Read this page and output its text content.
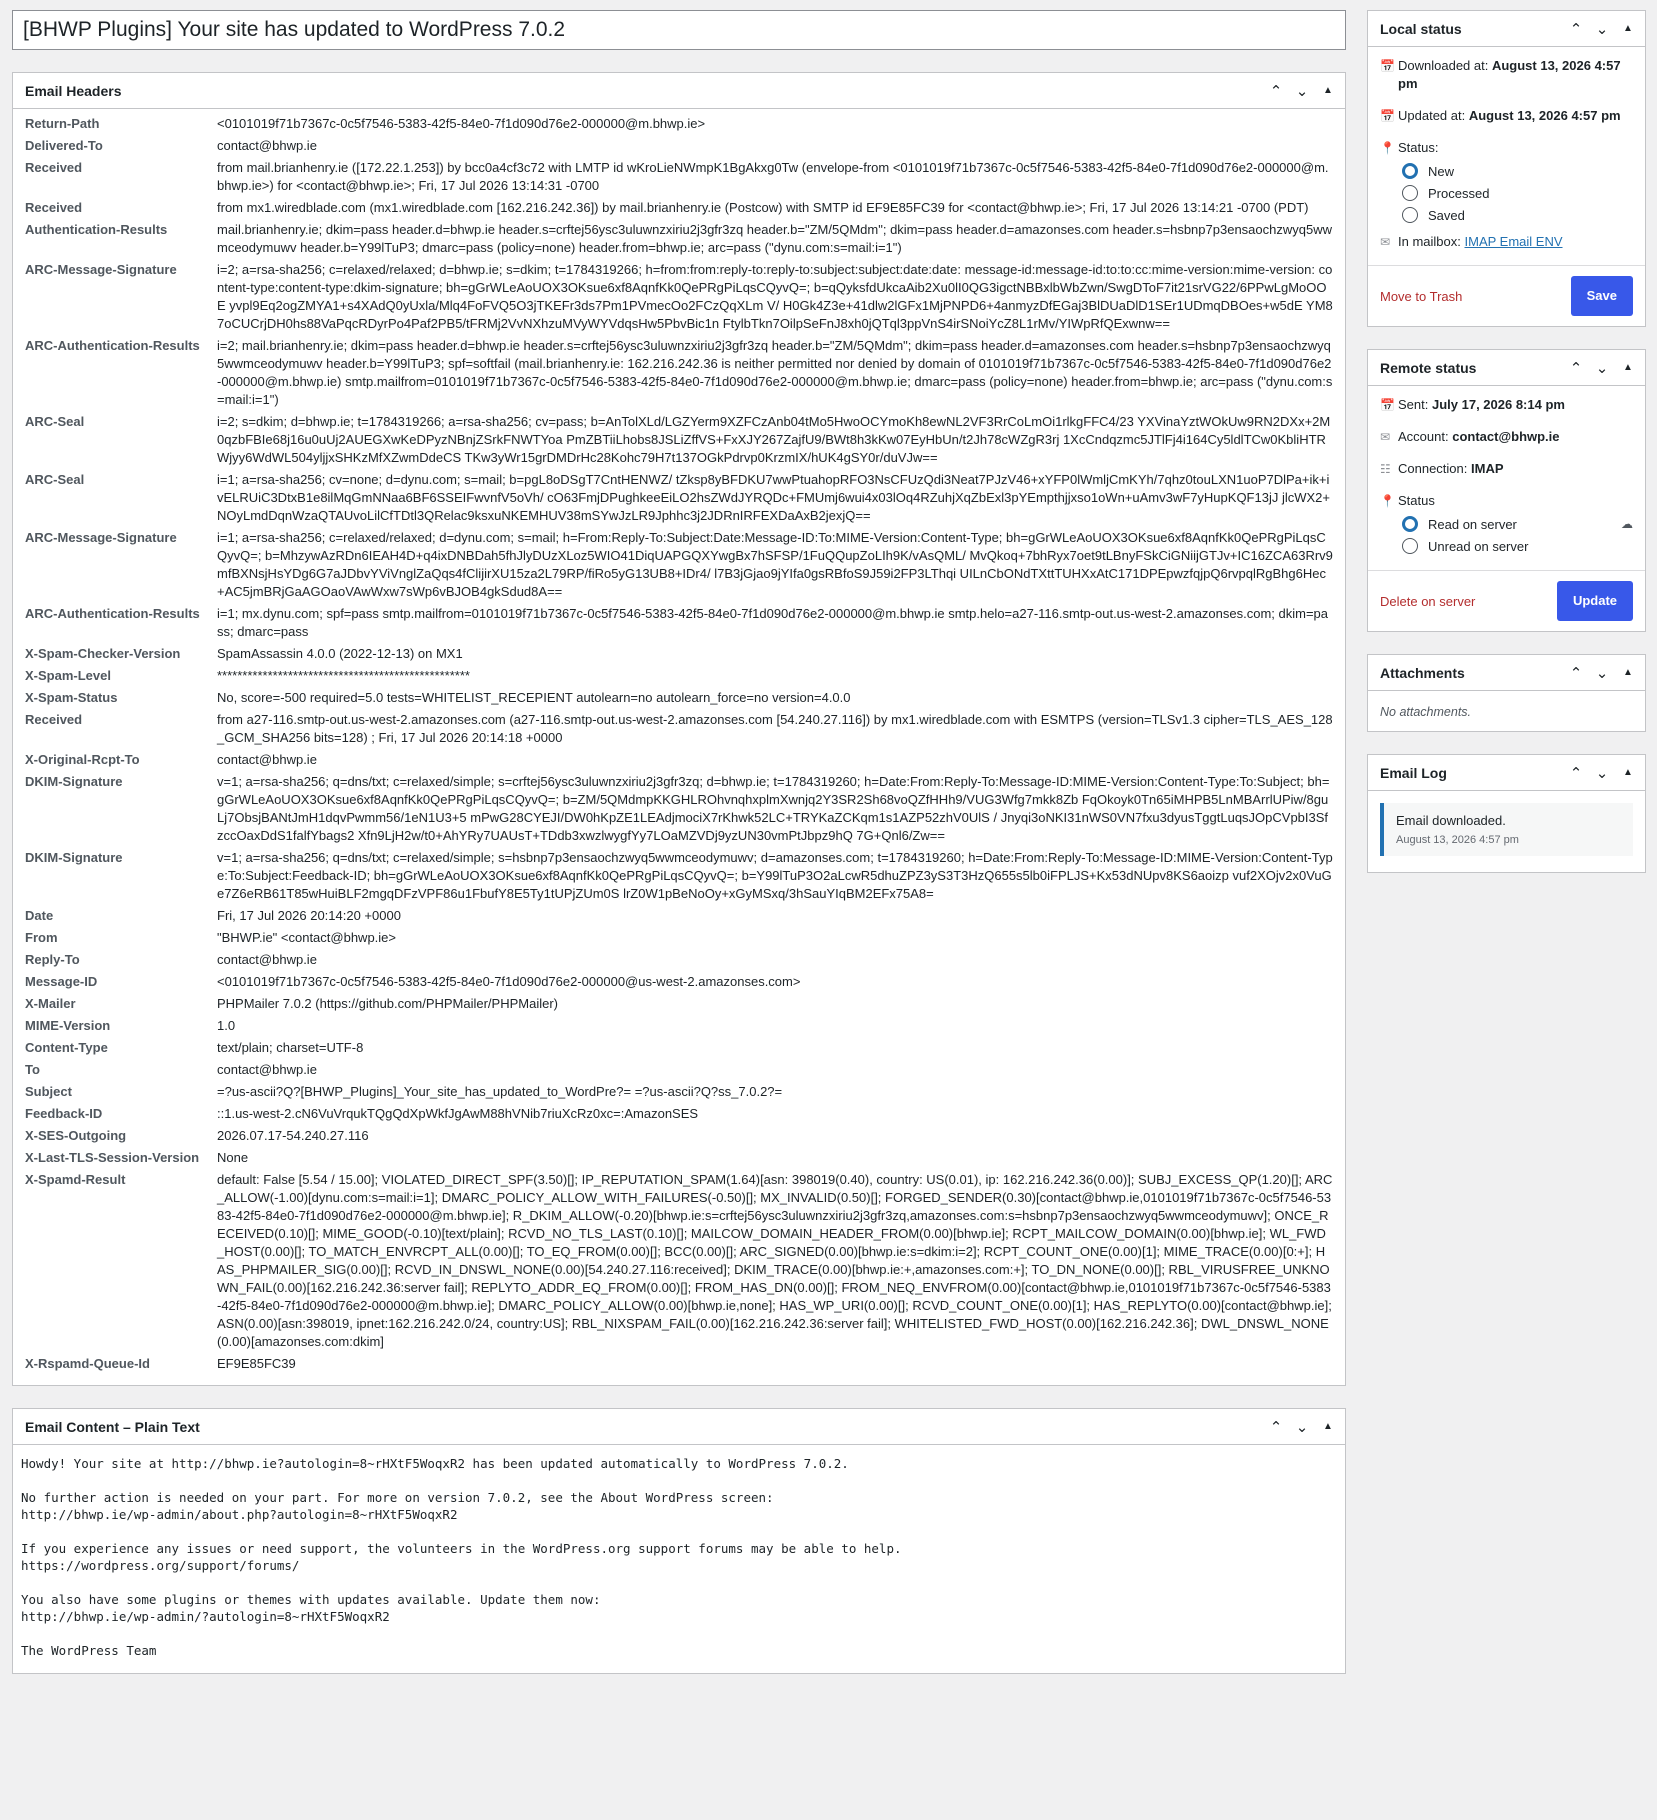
[BHWP Plugins] Your site has updated to WordPress 7.0.2
Email Headers	⌃ ⌄	▲
Return-Path	<0101019f71b7367c-0c5f7546-5383-42f5-84e0-7f1d090d76e2-000000@m.bhwp.ie>
Delivered-To	contact@bhwp.ie
Received	from mail.brianhenry.ie ([172.22.1.253]) by bcc0a4cf3c72 with LMTP id wKroLieNWmpK1BgAkxg0Tw (envelope-from <0101019f71b7367c-0c5f7546-5383-42f5-84e0-7f1d090d76e2-000000@m.bhwp.ie>) for <contact@bhwp.ie>; Fri, 17 Jul 2026 13:14:31 -0700
Received	from mx1.wiredblade.com (mx1.wiredblade.com [162.216.242.36]) by mail.brianhenry.ie (Postcow) with SMTP id EF9E85FC39 for <contact@bhwp.ie>; Fri, 17 Jul 2026 13:14:21 -0700 (PDT)
Authentication-Results	mail.brianhenry.ie; dkim=pass header.d=bhwp.ie header.s=crftej56ysc3uluwnzxiriu2j3gfr3zq header.b="ZM/5QMdm"; dkim=pass header.d=amazonses.com header.s=hsbnp7p3ensaochzwyq5wwmceodymuwv header.b=Y99lTuP3; dmarc=pass (policy=none) header.from=bhwp.ie; arc=pass ("dynu.com:s=mail:i=1")
ARC-Message-Signature	i=2; a=rsa-sha256; c=relaxed/relaxed; d=bhwp.ie; s=dkim; t=1784319266; h=from:from:reply-to:reply-to:subject:subject:date:date: message-id:message-id:to:to:cc:mime-version:mime-version: content-type:content-type:dkim-signature; bh=gGrWLeAoUOX3OKsue6xf8AqnfKk0QePRgPiLqsCQyvQ=; b=qQyksfdUkcaAib2Xu0lI0QG3igctNBBxlbWbZwn/SwgDToF7it21srVG22/6PPwLgMoOOE yvpl9Eq2ogZMYA1+s4XAdQ0yUxla/Mlq4FoFVQ5O3jTKEFr3ds7Pm1PVmecOo2FCzQqXLm V/ H0Gk4Z3e+41dlw2lGFx1MjPNPD6+4anmyzDfEGaj3BlDUaDlD1SEr1UDmqDBOes+w5dE YM87oCUCrjDH0hs88VaPqcRDyrPo4Paf2PB5/tFRMj2VvNXhzuMVyWYVdqsHw5PbvBic1n FtylbTkn7OilpSeFnJ8xh0jQTql3ppVnS4irSNoiYcZ8L1rMv/YIWpRfQExwnw==
ARC-Authentication-Results	i=2; mail.brianhenry.ie; dkim=pass header.d=bhwp.ie header.s=crftej56ysc3uluwnzxiriu2j3gfr3zq header.b="ZM/5QMdm"; dkim=pass header.d=amazonses.com header.s=hsbnp7p3ensaochzwyq5wwmceodymuwv header.b=Y99lTuP3; spf=softfail (mail.brianhenry.ie: 162.216.242.36 is neither permitted nor denied by domain of 0101019f71b7367c-0c5f7546-5383-42f5-84e0-7f1d090d76e2-000000@m.bhwp.ie) smtp.mailfrom=0101019f71b7367c-0c5f7546-5383-42f5-84e0-7f1d090d76e2-000000@m.bhwp.ie; dmarc=pass (policy=none) header.from=bhwp.ie; arc=pass ("dynu.com:s=mail:i=1")
ARC-Seal	i=2; s=dkim; d=bhwp.ie; t=1784319266; a=rsa-sha256; cv=pass; b=AnTolXLd/LGZYerm9XZFCzAnb04tMo5HwoOCYmoKh8ewNL2VF3RrCoLmOi1rlkgFFC4/23 YXVinaYztWOkUw9RN2DXx+2M0qzbFBIe68j16u0uUj2AUEGXwKeDPyzNBnjZSrkFNWTYoa PmZBTiiLhobs8JSLiZffVS+FxXJY267ZajfU9/BWt8h3kKw07EyHbUn/t2Jh78cWZgR3rj 1XcCndqzmc5JTlFj4i164Cy5ldlTCw0KbliHTRWjyy6WdWL504yljjxSHKzMfXZwmDdeCS TKw3yWr15grDMDrHc28Kohc79H7t137OGkPdrvp0KrzmIX/hUK4gSY0r/duVJw==
ARC-Seal	i=1; a=rsa-sha256; cv=none; d=dynu.com; s=mail; b=pgL8oDSgT7CntHENWZ/ tZksp8yBFDKU7wwPtuahopRFO3NsCFUzQdi3Neat7PJzV46+xYFP0lWmljCmKYh/7qhz0touLXN1uoP7DlPa+ik+ivELRUiC3DtxB1e8ilMqGmNNaa6BF6SSEIFwvnfV5oVh/ cO63FmjDPughkeeEiLO2hsZWdJYRQDc+FMUmj6wui4x03lOq4RZuhjXqZbExl3pYEmpthjjxso1oWn+uAmv3wF7yHupKQF13jJ jlcWX2+NOyLmdDqnWzaQTAUvoLilCfTDtl3QRelac9ksxuNKEMHUV38mSYwJzLR9Jphhc3j2JDRnIRFEXDaAxB2jexjQ==
ARC-Message-Signature	i=1; a=rsa-sha256; c=relaxed/relaxed; d=dynu.com; s=mail; h=From:Reply-To:Subject:Date:Message-ID:To:MIME-Version:Content-Type; bh=gGrWLeAoUOX3OKsue6xf8AqnfKk0QePRgPiLqsCQyvQ=; b=MhzywAzRDn6IEAH4D+q4ixDNBDah5fhJlyDUzXLoz5WIO41DiqUAPGQXYwgBx7hSFSP/1FuQQupZoLIh9K/vAsQML/ MvQkoq+7bhRyx7oet9tLBnyFSkCiGNiijGTJv+IC16ZCA63Rrv9mfBXNsjHsYDg6G7aJDbvYViVnglZaQqs4fClijirXU15za2L79RP/fiRo5yG13UB8+IDr4/ l7B3jGjao9jYIfa0gsRBfoS9J59i2FP3LThqi UILnCbONdTXttTUHXxAtC171DPEpwzfqjpQ6rvpqlRgBhg6Hec+AC5jmBRjGaAGOaoVAwWxw7sWp6vBJOB4gkSdud8A==
ARC-Authentication-Results	i=1; mx.dynu.com; spf=pass smtp.mailfrom=0101019f71b7367c-0c5f7546-5383-42f5-84e0-7f1d090d76e2-000000@m.bhwp.ie smtp.helo=a27-116.smtp-out.us-west-2.amazonses.com; dkim=pass; dmarc=pass
X-Spam-Checker-Version	SpamAssassin 4.0.0 (2022-12-13) on MX1
X-Spam-Level	**************************************************
X-Spam-Status	No, score=-500 required=5.0 tests=WHITELIST_RECEPIENT autolearn=no autolearn_force=no version=4.0.0
Received	from a27-116.smtp-out.us-west-2.amazonses.com (a27-116.smtp-out.us-west-2.amazonses.com [54.240.27.116]) by mx1.wiredblade.com with ESMTPS (version=TLSv1.3 cipher=TLS_AES_128_GCM_SHA256 bits=128) ; Fri, 17 Jul 2026 20:14:18 +0000
X-Original-Rcpt-To	contact@bhwp.ie
DKIM-Signature	v=1; a=rsa-sha256; q=dns/txt; c=relaxed/simple; s=crftej56ysc3uluwnzxiriu2j3gfr3zq; d=bhwp.ie; t=1784319260; h=Date:From:Reply-To:Message-ID:MIME-Version:Content-Type:To:Subject; bh=gGrWLeAoUOX3OKsue6xf8AqnfKk0QePRgPiLqsCQyvQ=; b=ZM/5QMdmpKKGHLROhvnqhxplmXwnjq2Y3SR2Sh68voQZfHHh9/VUG3Wfg7mkk8Zb FqOkoyk0Tn65iMHPB5LnMBArrlUPiw/8guLj7ObsjBANtJmH1dqvPwmm56/1eN1U3+5 mPwG28CYEJI/DW0hKpZE1LEAdjmociX7rKhwk52LC+TRYKaZCKqm1s1AZP52zhV0UlS / Jnyqi3oNKI31nWS0VN7fxu3dyusTggtLuqsJOpCVpbI3SfzccOaxDdS1falfYbags2 Xfn9LjH2w/t0+AhYRy7UAUsT+TDdb3xwzlwygfYy7LOaMZVDj9yzUN30vmPtJbpz9hQ 7G+Qnl6/Zw==
DKIM-Signature	v=1; a=rsa-sha256; q=dns/txt; c=relaxed/simple; s=hsbnp7p3ensaochzwyq5wwmceodymuwv; d=amazonses.com; t=1784319260; h=Date:From:Reply-To:Message-ID:MIME-Version:Content-Type:To:Subject:Feedback-ID; bh=gGrWLeAoUOX3OKsue6xf8AqnfKk0QePRgPiLqsCQyvQ=; b=Y99lTuP3O2aLcwR5dhuZPZ3yS3T3HzQ655s5lb0iFPLJS+Kx53dNUpv8KS6aoizp vuf2XOjv2x0VuGe7Z6eRB61T85wHuiBLF2mgqDFzVPF86u1FbufY8E5Ty1tUPjZUm0S lrZ0W1pBeNoOy+xGyMSxq/3hSauYIqBM2EFx75A8=
Date	Fri, 17 Jul 2026 20:14:20 +0000
From	"BHWP.ie" <contact@bhwp.ie>
Reply-To	contact@bhwp.ie
Message-ID	<0101019f71b7367c-0c5f7546-5383-42f5-84e0-7f1d090d76e2-000000@us-west-2.amazonses.com>
X-Mailer	PHPMailer 7.0.2 (https://github.com/PHPMailer/PHPMailer)
MIME-Version	1.0
Content-Type	text/plain; charset=UTF-8
To	contact@bhwp.ie
Subject	=?us-ascii?Q?[BHWP_Plugins]_Your_site_has_updated_to_WordPre?= =?us-ascii?Q?ss_7.0.2?=
Feedback-ID	::1.us-west-2.cN6VuVrqukTQgQdXpWkfJgAwM88hVNib7riuXcRz0xc=:AmazonSES
X-SES-Outgoing	2026.07.17-54.240.27.116
X-Last-TLS-Session-Version	None
X-Spamd-Result	default: False [5.54 / 15.00]; VIOLATED_DIRECT_SPF(3.50)[]; IP_REPUTATION_SPAM(1.64)[asn: 398019(0.40), country: US(0.01), ip: 162.216.242.36(0.00)]; SUBJ_EXCESS_QP(1.20)[]; ARC_ALLOW(-1.00)[dynu.com:s=mail:i=1]; DMARC_POLICY_ALLOW_WITH_FAILURES(-0.50)[]; MX_INVALID(0.50)[]; FORGED_SENDER(0.30)[contact@bhwp.ie,0101019f71b7367c-0c5f7546-5383-42f5-84e0-7f1d090d76e2-000000@m.bhwp.ie]; R_DKIM_ALLOW(-0.20)[bhwp.ie:s=crftej56ysc3uluwnzxiriu2j3gfr3zq,amazonses.com:s=hsbnp7p3ensaochzwyq5wwmceodymuwv]; ONCE_RECEIVED(0.10)[]; MIME_GOOD(-0.10)[text/plain]; RCVD_NO_TLS_LAST(0.10)[]; MAILCOW_DOMAIN_HEADER_FROM(0.00)[bhwp.ie]; RCPT_MAILCOW_DOMAIN(0.00)[bhwp.ie]; WL_FWD_HOST(0.00)[]; TO_MATCH_ENVRCPT_ALL(0.00)[]; TO_EQ_FROM(0.00)[]; BCC(0.00)[]; ARC_SIGNED(0.00)[bhwp.ie:s=dkim:i=2]; RCPT_COUNT_ONE(0.00)[1]; MIME_TRACE(0.00)[0:+]; HAS_PHPMAILER_SIG(0.00)[]; RCVD_IN_DNSWL_NONE(0.00)[54.240.27.116:received]; DKIM_TRACE(0.00)[bhwp.ie:+,amazonses.com:+]; TO_DN_NONE(0.00)[]; RBL_VIRUSFREE_UNKNOWN_FAIL(0.00)[162.216.242.36:server fail]; REPLYTO_ADDR_EQ_FROM(0.00)[]; FROM_HAS_DN(0.00)[]; FROM_NEQ_ENVFROM(0.00)[contact@bhwp.ie,0101019f71b7367c-0c5f7546-5383-42f5-84e0-7f1d090d76e2-000000@m.bhwp.ie]; DMARC_POLICY_ALLOW(0.00)[bhwp.ie,none]; HAS_WP_URI(0.00)[]; RCVD_COUNT_ONE(0.00)[1]; HAS_REPLYTO(0.00)[contact@bhwp.ie]; ASN(0.00)[asn:398019, ipnet:162.216.242.0/24, country:US]; RBL_NIXSPAM_FAIL(0.00)[162.216.242.36:server fail]; WHITELISTED_FWD_HOST(0.00)[162.216.242.36]; DWL_DNSWL_NONE(0.00)[amazonses.com:dkim]
X-Rspamd-Queue-Id	EF9E85FC39
Email Content – Plain Text	⌃ ⌄	▲
Howdy! Your site at http://bhwp.ie?autologin=8~rHXtF5WoqxR2 has been updated automatically to WordPress 7.0.2.

No further action is needed on your part. For more on version 7.0.2, see the About WordPress screen:
http://bhwp.ie/wp-admin/about.php?autologin=8~rHXtF5WoqxR2

If you experience any issues or need support, the volunteers in the WordPress.org support forums may be able to help.
https://wordpress.org/support/forums/

You also have some plugins or themes with updates available. Update them now:
http://bhwp.ie/wp-admin/?autologin=8~rHXtF5WoqxR2

The WordPress Team
Local status	⌃ ⌄	▲
📅 Downloaded at: August 13, 2026 4:57 pm
📅 Updated at: August 13, 2026 4:57 pm
📍 Status:
New
Processed
Saved
✉ In mailbox: IMAP Email ENV
Move to Trash	Save
Remote status	⌃ ⌄	▲
📅 Sent: July 17, 2026 8:14 pm
✉ Account: contact@bhwp.ie
☷ Connection: IMAP
📍 Status
Read on server	☁
Unread on server
Delete on server	Update
Attachments	⌃ ⌄	▲
No attachments.
Email Log	⌃ ⌄	▲
Email downloaded.
August 13, 2026 4:57 pm
